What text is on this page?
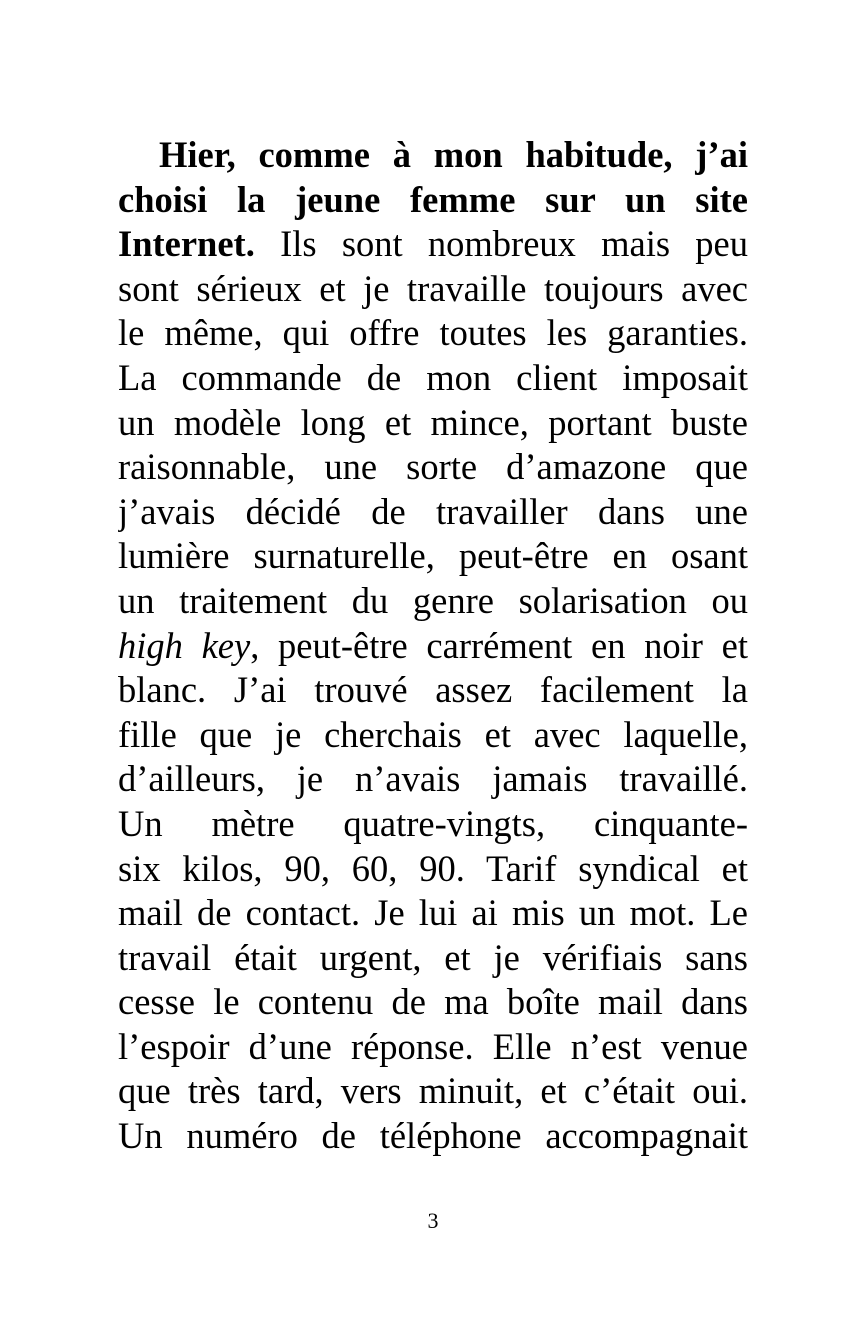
Hier, comme à mon habitude, j’ai
choisi la jeune femme sur un site
Internet. Ils sont nombreux mais peu
sont sérieux et je travaille toujours avec
le même, qui offre toutes les garanties.
La commande de mon client imposait
un modèle long et mince, portant buste
raisonnable, une sorte d’amazone que
j’avais décidé de travailler dans une
lumière surnaturelle, peut-être en osant
un traitement du genre solarisation ou
high key, peut-être carrément en noir et
blanc. J’ai trouvé assez facilement la
fille que je cherchais et avec laquelle,
d’ailleurs, je n’avais jamais travaillé.
Un mètre quatre-vingts, cinquante-
six kilos, 90, 60, 90. Tarif syndical et
mail de contact. Je lui ai mis un mot. Le
travail était urgent, et je vérifiais sans
cesse le contenu de ma boîte mail dans
l’espoir d’une réponse. Elle n’est venue
que très tard, vers minuit, et c’était oui.
Un numéro de téléphone accompagnait
3
